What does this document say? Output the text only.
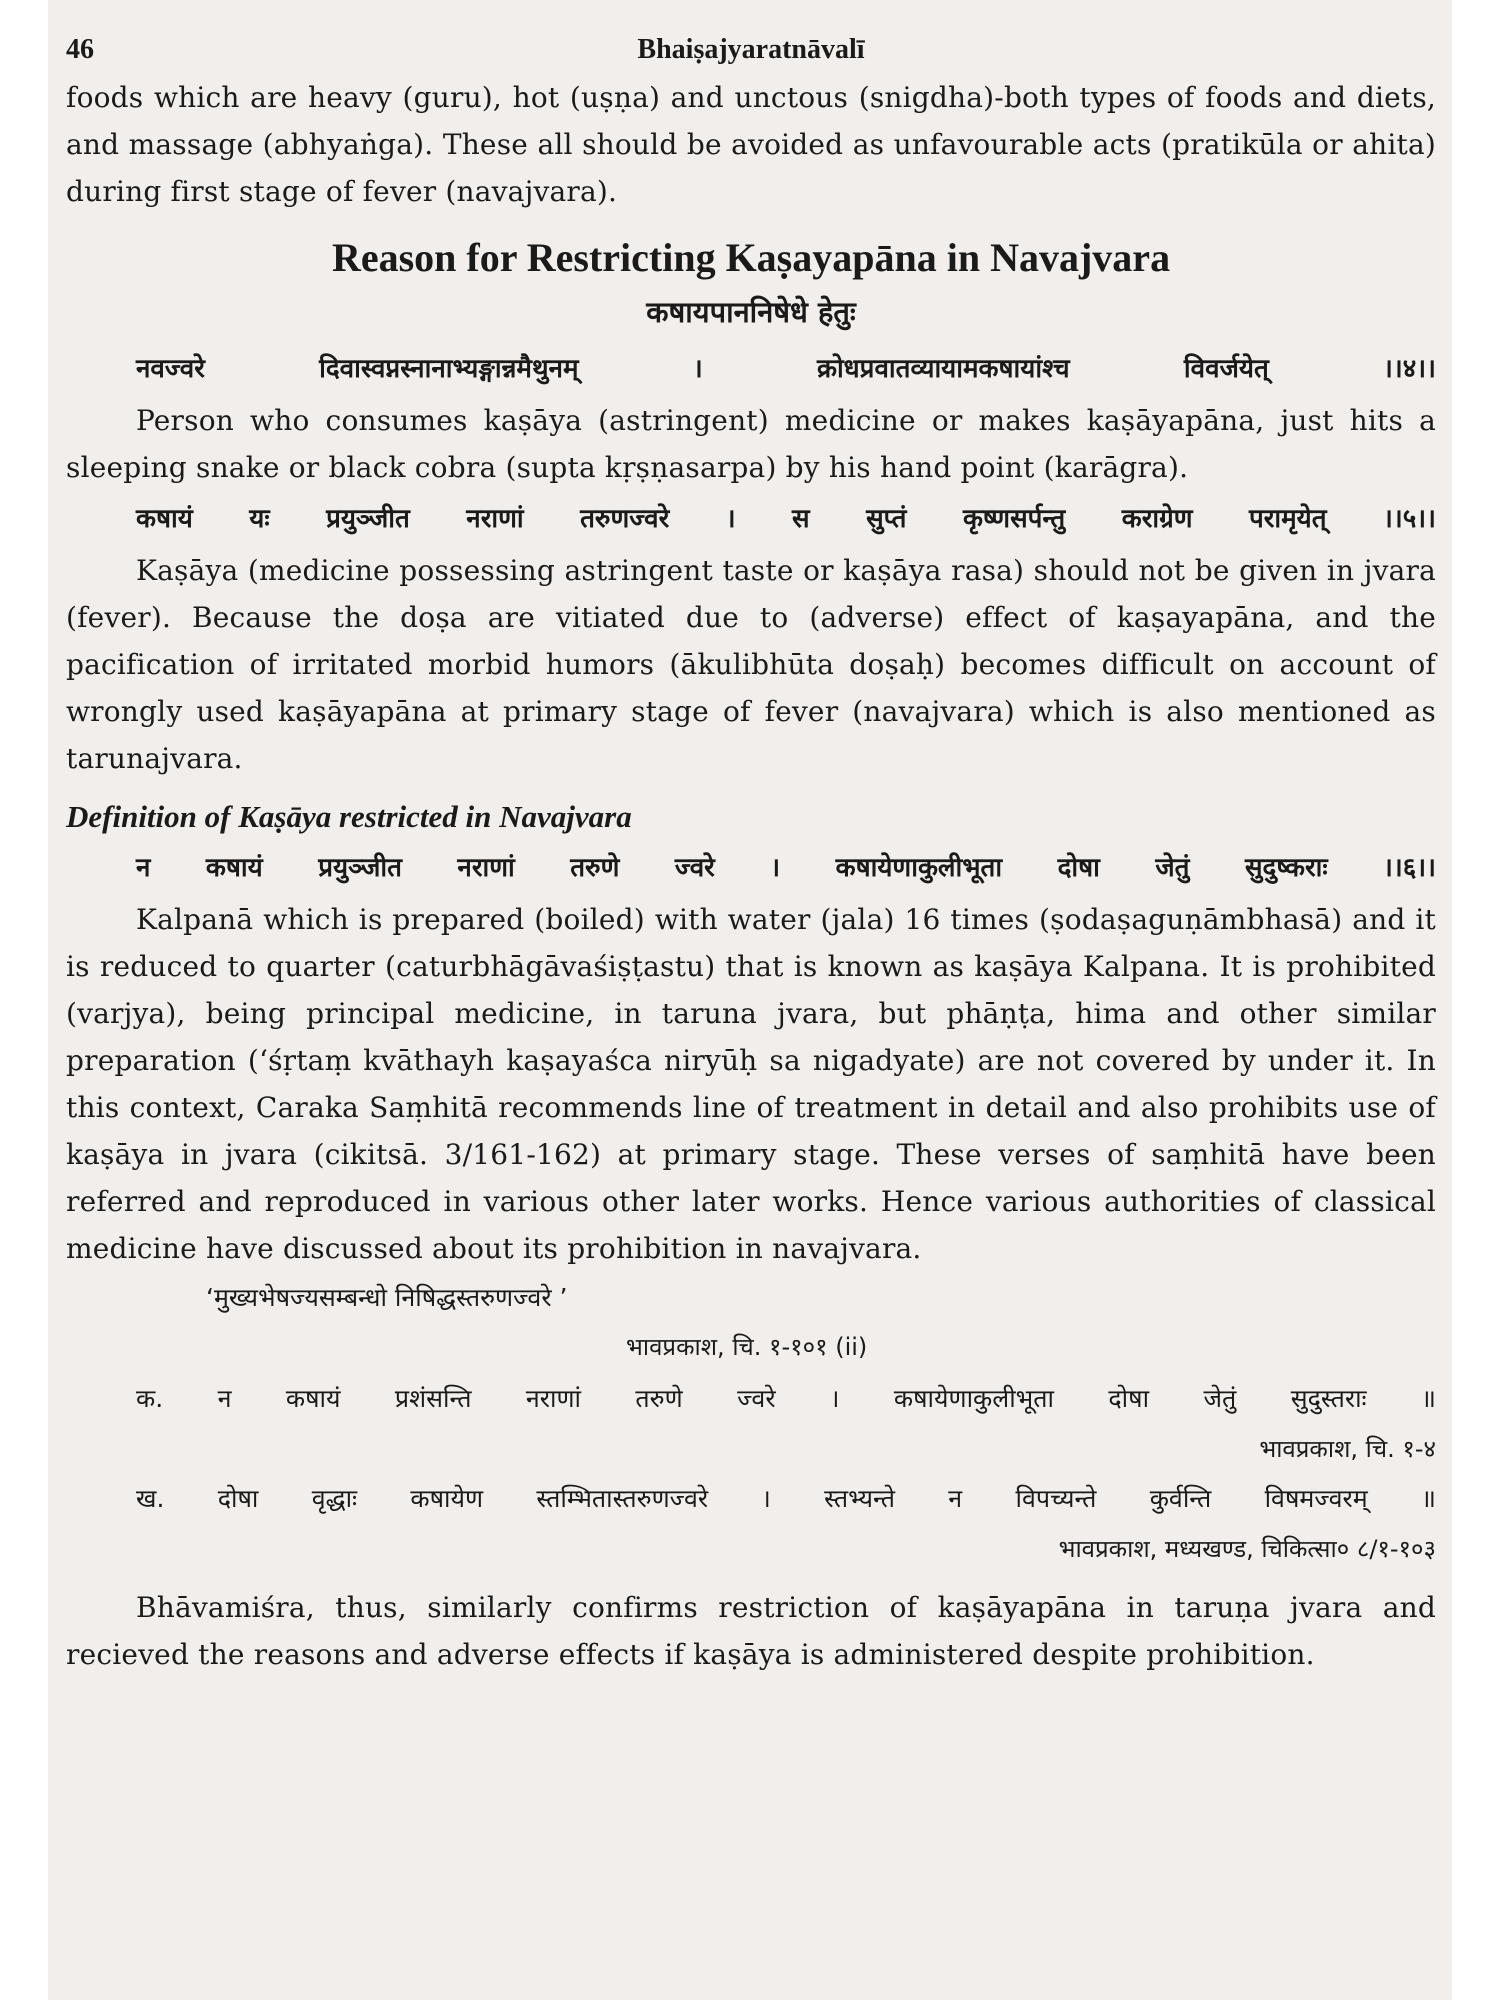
46	Bhaiṣajyaratnāvalī

foods which are heavy (guru), hot (uṣṇa) and unctous (snigdha)-both types of foods and diets, and massage (abhyaṅga). These all should be avoided as unfavourable acts (pratikūla or ahita) during first stage of fever (navajvara).

Reason for Restricting Kaṣayapāna in Navajvara
कषायपाननिषेधे हेतुः
नवज्वरे दिवास्वप्नस्नानाभ्यङ्गान्नमैथुनम् । क्रोधप्रवातव्यायामकषायांश्च विवर्जयेत् ।।४।।

Person who consumes kaṣāya (astringent) medicine or makes kaṣāyapāna, just hits a sleeping snake or black cobra (supta kṛṣṇasarpa) by his hand point (karāgra).

कषायं यः प्रयुञ्जीत नराणां तरुणज्वरे । स सुप्तं कृष्णसर्पन्तु कराग्रेण परामृयेत् ।।५।।

Kaṣāya (medicine possessing astringent taste or kaṣāya rasa) should not be given in jvara (fever). Because the doṣa are vitiated due to (adverse) effect of kaṣayapāna, and the pacification of irritated morbid humors (ākulibhūta doṣaḥ) becomes difficult on account of wrongly used kaṣāyapāna at primary stage of fever (navajvara) which is also mentioned as tarunajvara.

Definition of Kaṣāya restricted in Navajvara
न कषायं प्रयुञ्जीत नराणां तरुणे ज्वरे । कषायेणाकुलीभूता दोषा जेतुं सुदुष्कराः ।।६।।

Kalpanā which is prepared (boiled) with water (jala) 16 times (ṣodaṣaguṇāmbhasā) and it is reduced to quarter (caturbhāgāvaśiṣṭastu) that is known as kaṣāya Kalpana. It is prohibited (varjya), being principal medicine, in taruna jvara, but phāṇṭa, hima and other similar preparation (‘śṛtaṃ kvāthayh kaṣayaśca niryūḥ sa nigadyate) are not covered by under it. In this context, Caraka Saṃhitā recommends line of treatment in detail and also prohibits use of kaṣāya in jvara (cikitsā. 3/161-162) at primary stage. These verses of saṃhitā have been referred and reproduced in various other later works. Hence various authorities of classical medicine have discussed about its prohibition in navajvara.

‘मुख्यभेषज्यसम्बन्धो निषिद्धस्तरुणज्वरे ’
भावप्रकाश, चि. १-१०१ (ii)
क. न कषायं प्रशंसन्ति नराणां तरुणे ज्वरे । कषायेणाकुलीभूता दोषा जेतुं सुदुस्तराः ॥
भावप्रकाश, चि. १-४
ख. दोषा वृद्धाः कषायेण स्तम्भितास्तरुणज्वरे । स्तभ्यन्ते न विपच्यन्ते कुर्वन्ति विषमज्वरम् ॥
भावप्रकाश, मध्यखण्ड, चिकित्सा० ८/१-१०३

Bhāvamiśra, thus, similarly confirms restriction of kaṣāyapāna in taruṇa jvara and recieved the reasons and adverse effects if kaṣāya is administered despite prohibition.
